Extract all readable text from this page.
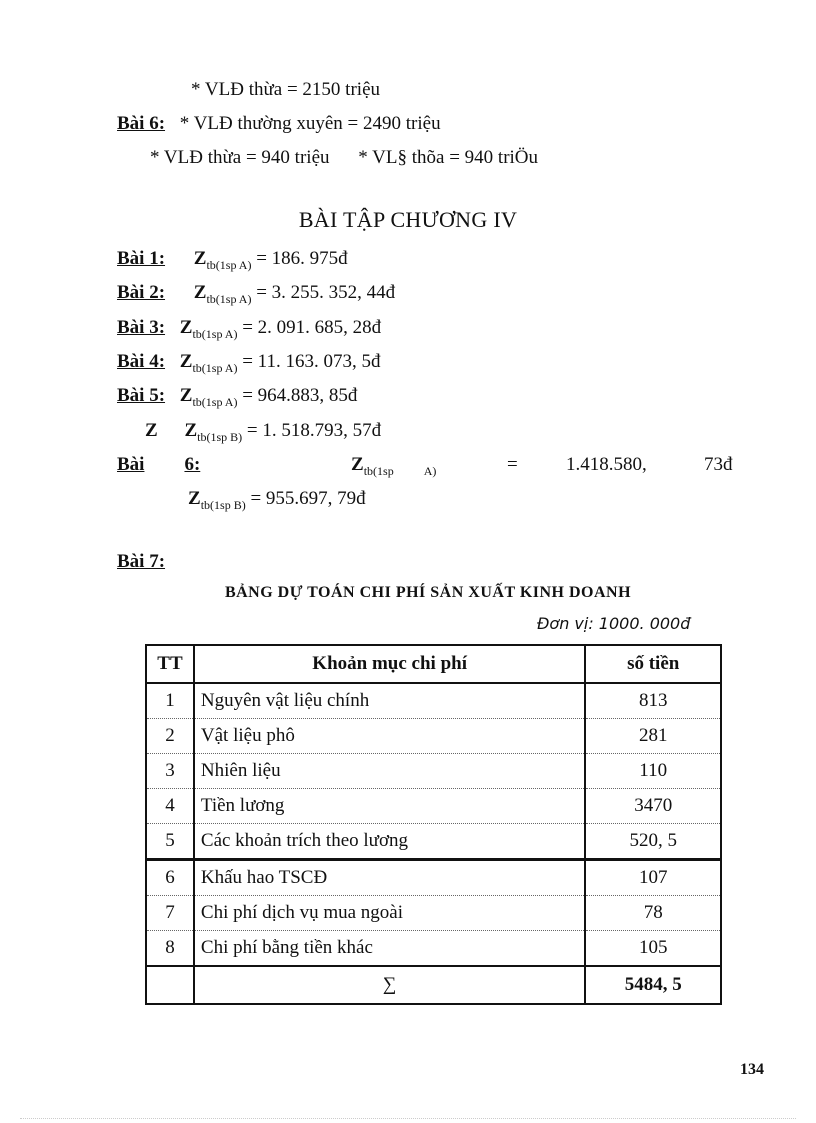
* VLĐ thừa = 2150 triệu
Bài 6: * VLĐ thường xuyên = 2490 triệu
* VLĐ thừa = 940 triệu * VL§ thõa = 940 triÖu
BÀI TẬP CHƯƠNG IV
Bài 1: $Z_{tb(1sp A)} = 186$. 975đ
Bài 2: $Z_{tb(1sp A)} = 3$. 255. 352, 44đ
Bài 3: $Z_{tb(1sp A)} = 2$. 091. 685, 28đ
Bài 4: $Z_{tb(1sp A)} = 11$. 163. 073, 5đ
Bài 5: $Z_{tb(1sp A)} = 964.883$, 85đ
Z $Z_{tb(1sp B)} = 1$. 518.793, 57đ
Bài 6:	$Z_{tb(1sp}$	$_{A)}$	=	1.418.580,	73đ
$Z_{tb(1sp B)} = 955.697$, 79đ
Bài 7:
BẢNG DỰ TOÁN CHI PHÍ SẢN XUẤT KINH DOANH
Đơn vị: 1000. 000đ
TT	Khoản mục chi phí	số tiền
1	Nguyên vật liệu chính	813
2	Vật liệu phô	281
3	Nhiên liệu	110
4	Tiền lương	3470
5	Các khoản trích theo lương	520, 5
6	Khấu hao TSCĐ	107
7	Chi phí dịch vụ mua ngoài	78
8	Chi phí bằng tiền khác	105
	∑	5484, 5
134
